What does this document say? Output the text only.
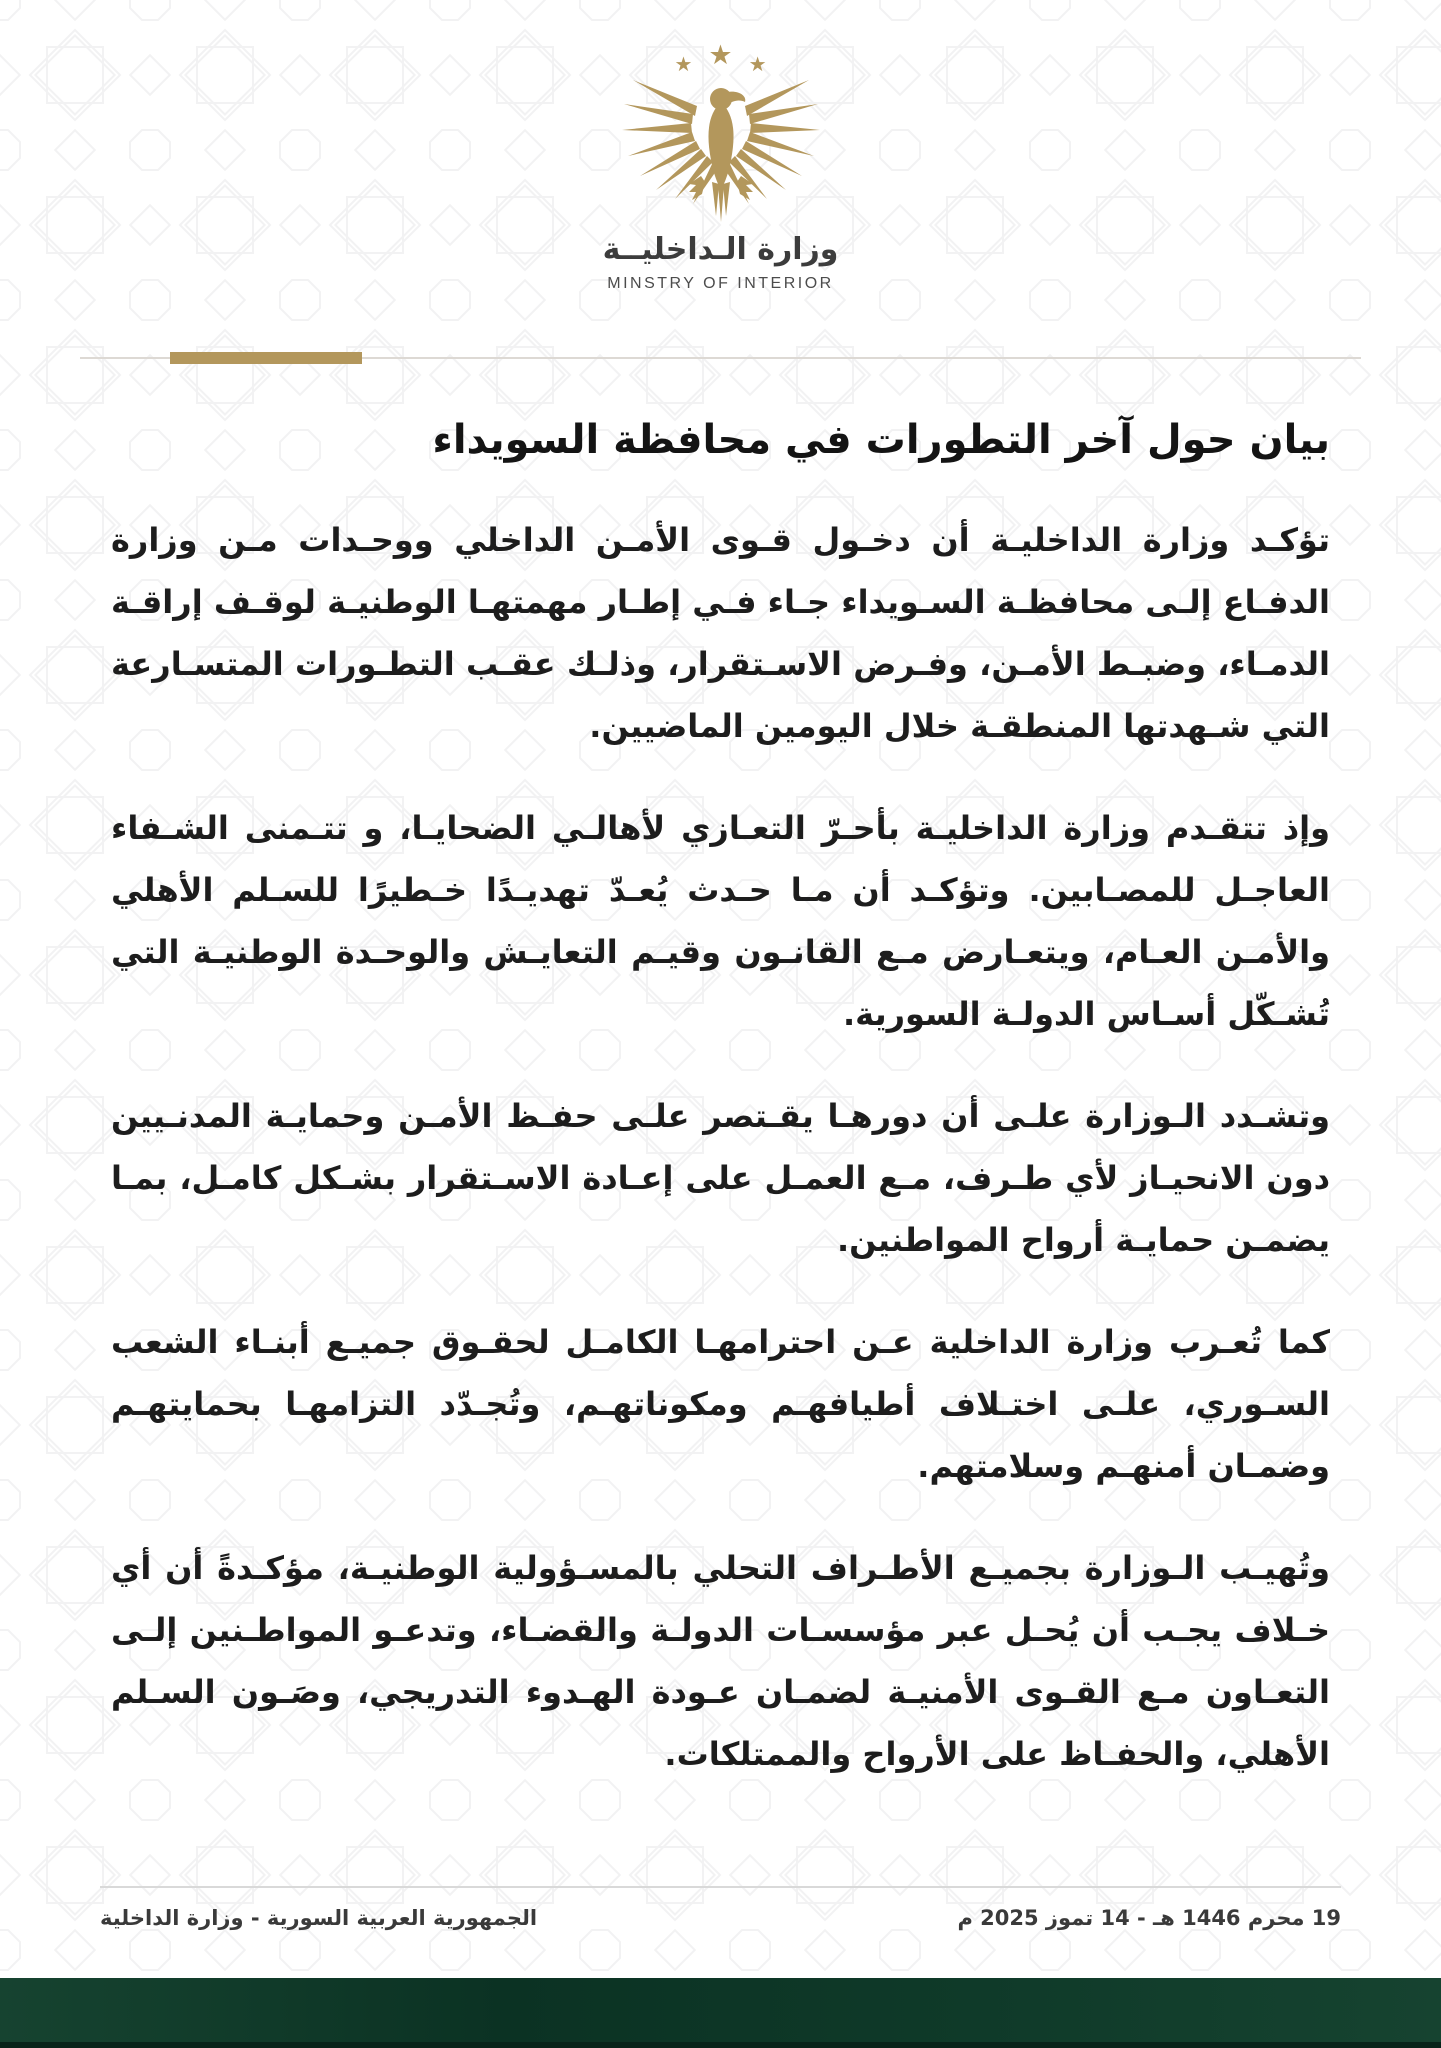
★
★
★
وزارة الـداخليــة
MINSTRY OF INTERIOR
بيان حول آخر التطورات في محافظة السويداء

تؤكـد وزارة الداخليـة أن دخـول قـوى الأمـن الداخلي ووحـدات مـن وزارة الدفـاع إلـى محافظـة السـويداء جـاء فـي إطـار مهمتهـا الوطنيـة لوقـف إراقـة الدمـاء، وضبـط الأمـن، وفـرض الاسـتقرار، وذلـك عقـب التطـورات المتسـارعة التي شـهدتها المنطقـة خلال اليومين الماضيين.

وإذ تتقـدم وزارة الداخليـة بأحـرّ التعـازي لأهالـي الضحايـا، و تتـمنى الشـفاء العاجـل للمصـابين. وتؤكـد أن مـا حـدث يُعـدّ تهديـدًا خـطيرًا للسـلم الأهلي والأمـن العـام، ويتعـارض مـع القانـون وقيـم التعايـش والوحـدة الوطنيـة التي تُشـكّل أسـاس الدولـة السورية.

وتشـدد الـوزارة علـى أن دورهـا يقـتصر علـى حفـظ الأمـن وحمايـة المدنـيين دون الانحيـاز لأي طـرف، مـع العمـل على إعـادة الاسـتقرار بشـكل كامـل، بمـا يضمـن حمايـة أرواح المواطنين.

كما تُعـرب وزارة الداخلية عـن احترامهـا الكامـل لحقـوق جميـع أبنـاء الشعب السـوري، علـى اختـلاف أطيافهـم ومكوناتهـم، وتُجـدّد التزامهـا بحمايتهـم وضمـان أمنهـم وسلامتهم.

وتُهيـب الـوزارة بجميـع الأطـراف التحلي بالمسـؤولية الوطنيـة، مؤكـدةً أن أي خـلاف يجـب أن يُحـل عبر مؤسسـات الدولـة والقضـاء، وتدعـو المواطـنين إلـى التعـاون مـع القـوى الأمنيـة لضمـان عـودة الهـدوء التدريجي، وصَـون السـلم الأهلي، والحفـاظ على الأرواح والممتلكات.

19 محرم 1446 هـ - 14 تموز 2025 م
الجمهورية العربية السورية - وزارة الداخلية
